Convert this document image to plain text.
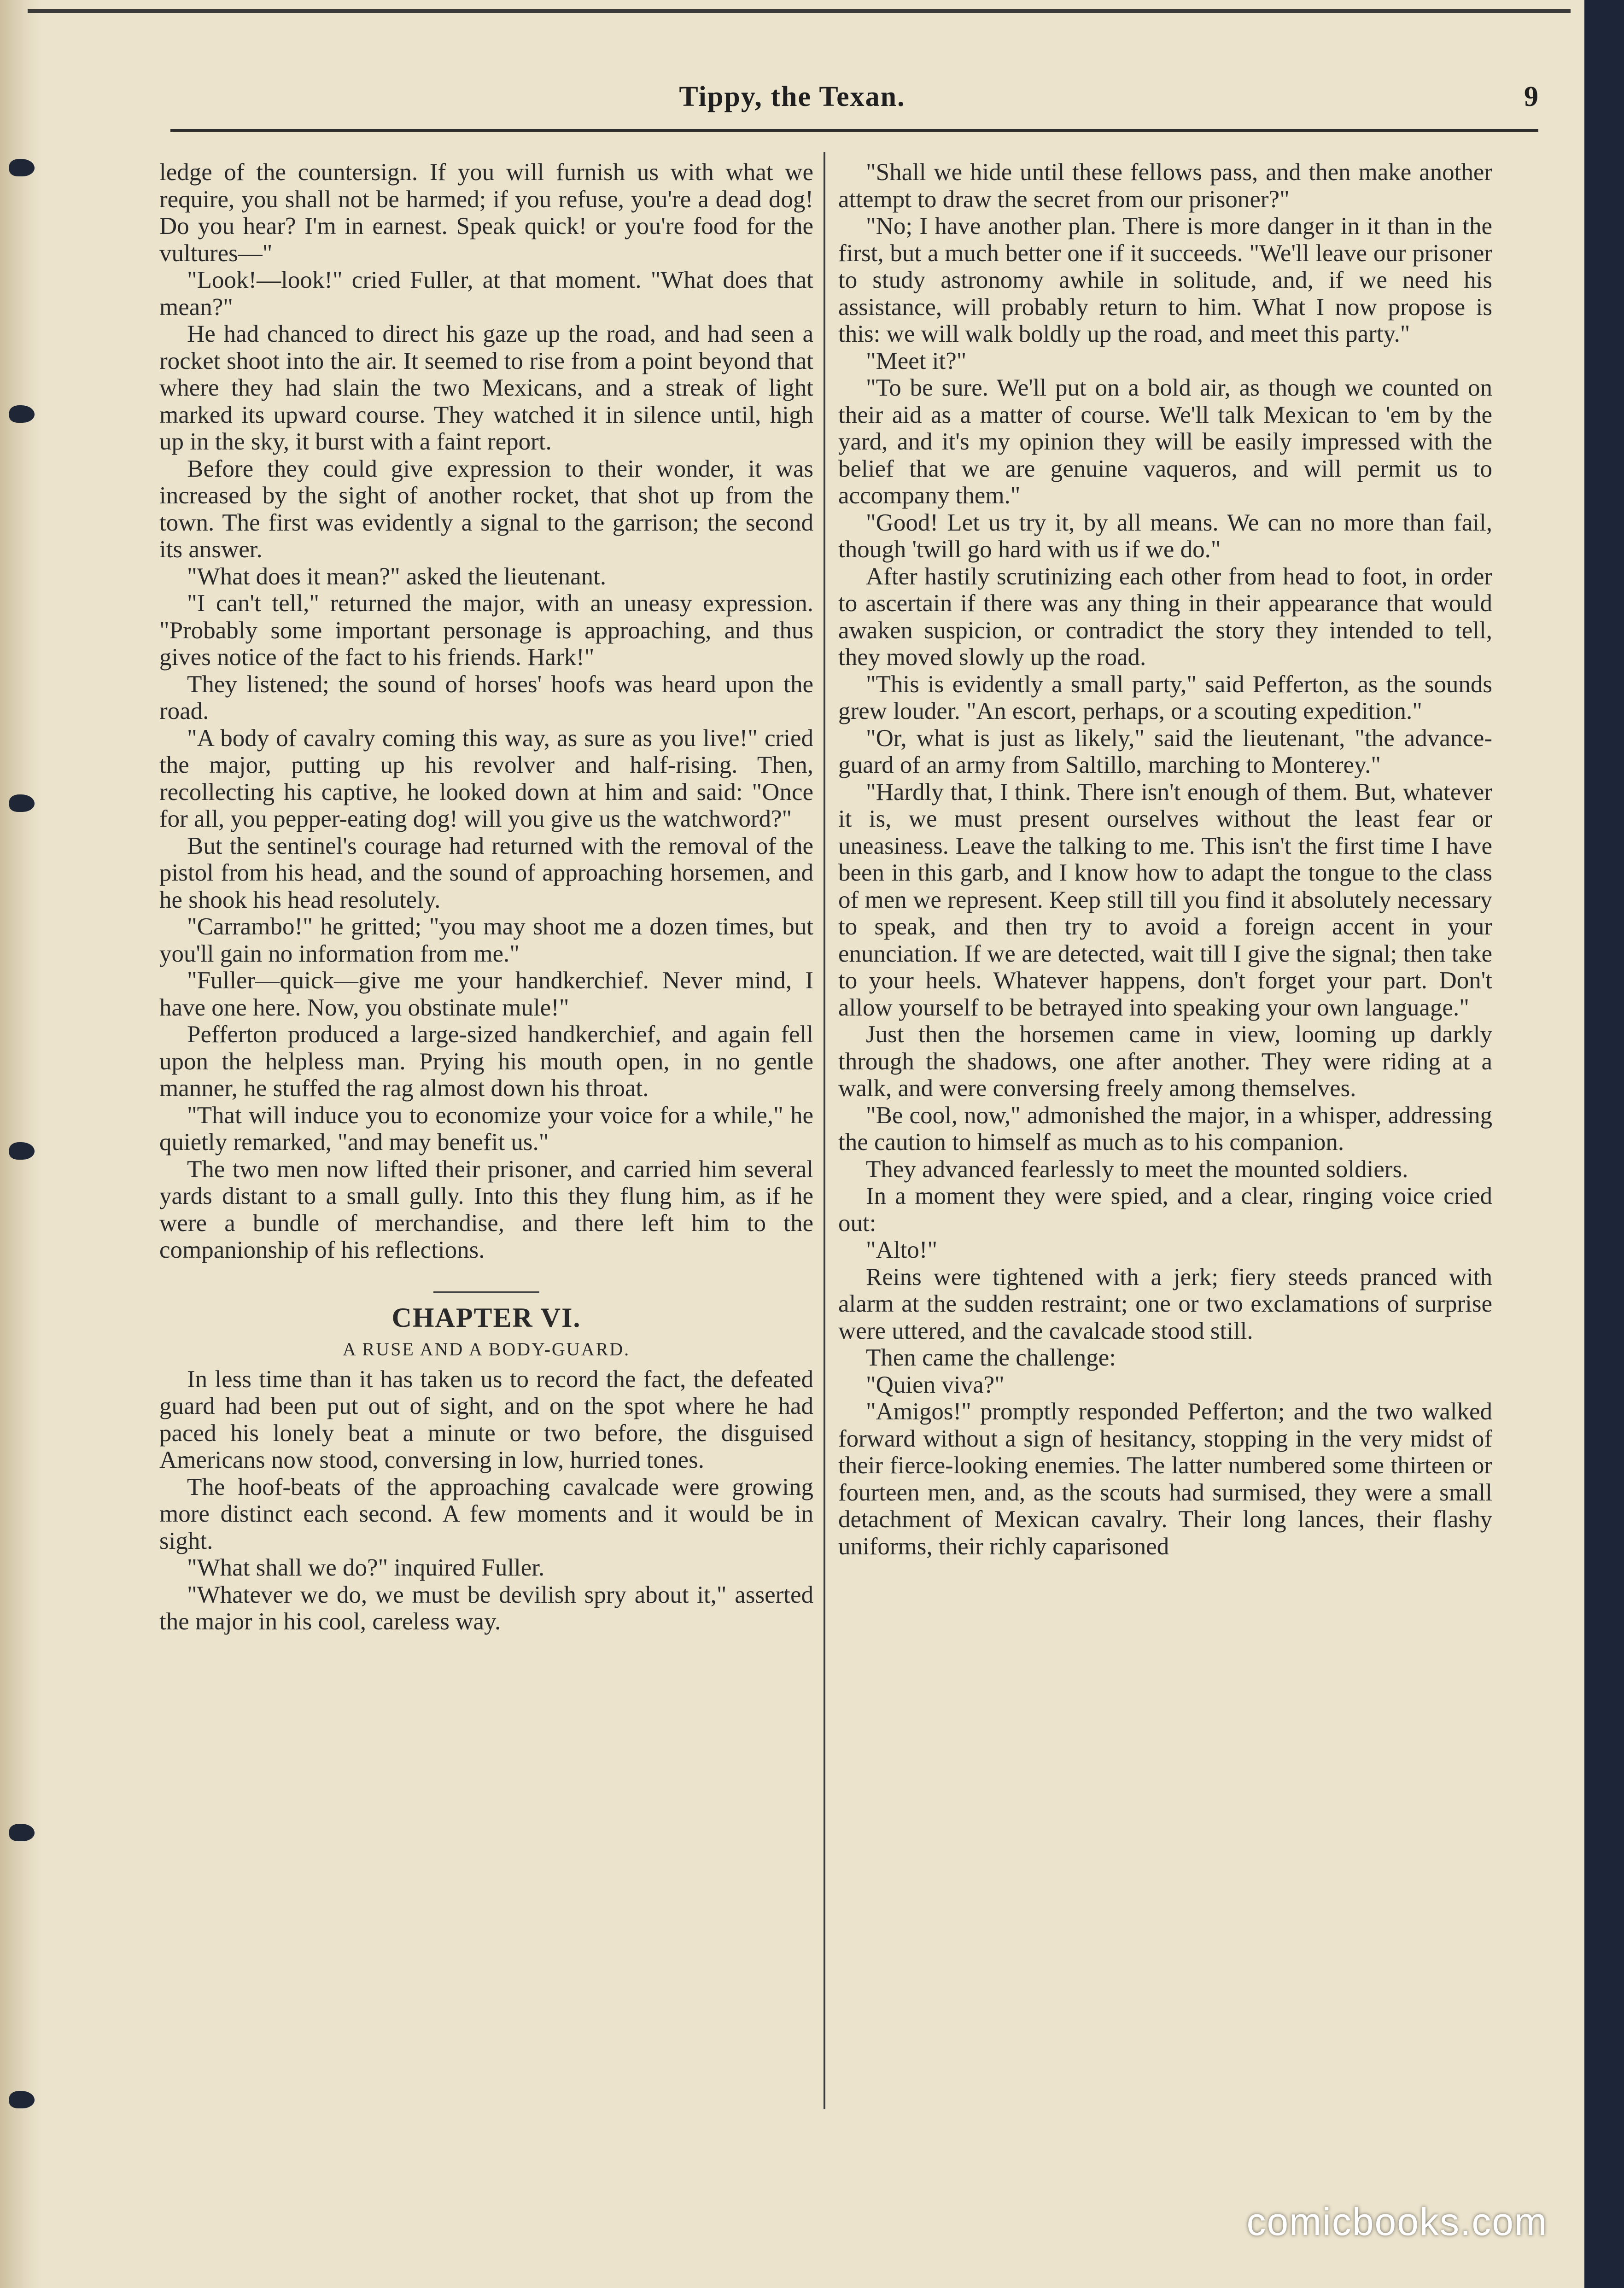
Tippy, the Texan.	9

ledge of the countersign. If you will furnish us with what we require, you shall not be harmed; if you refuse, you're a dead dog! Do you hear? I'm in earnest. Speak quick! or you're food for the vultures—"

"Look!—look!" cried Fuller, at that moment. "What does that mean?"

He had chanced to direct his gaze up the road, and had seen a rocket shoot into the air. It seemed to rise from a point beyond that where they had slain the two Mexicans, and a streak of light marked its upward course. They watched it in silence until, high up in the sky, it burst with a faint report.

Before they could give expression to their wonder, it was increased by the sight of another rocket, that shot up from the town. The first was evidently a signal to the garrison; the second its answer.

"What does it mean?" asked the lieutenant.

"I can't tell," returned the major, with an uneasy expression. "Probably some important personage is approaching, and thus gives notice of the fact to his friends. Hark!"

They listened; the sound of horses' hoofs was heard upon the road.

"A body of cavalry coming this way, as sure as you live!" cried the major, putting up his revolver and half-rising. Then, recollecting his captive, he looked down at him and said: "Once for all, you pepper-eating dog! will you give us the watchword?"

But the sentinel's courage had returned with the removal of the pistol from his head, and the sound of approaching horsemen, and he shook his head resolutely.

"Carrambo!" he gritted; "you may shoot me a dozen times, but you'll gain no information from me."

"Fuller—quick—give me your handkerchief. Never mind, I have one here. Now, you obstinate mule!"

Pefferton produced a large-sized handkerchief, and again fell upon the helpless man. Prying his mouth open, in no gentle manner, he stuffed the rag almost down his throat.

"That will induce you to economize your voice for a while," he quietly remarked, "and may benefit us."

The two men now lifted their prisoner, and carried him several yards distant to a small gully. Into this they flung him, as if he were a bundle of merchandise, and there left him to the companionship of his reflections.

CHAPTER VI.
A RUSE AND A BODY-GUARD.

In less time than it has taken us to record the fact, the defeated guard had been put out of sight, and on the spot where he had paced his lonely beat a minute or two before, the disguised Americans now stood, conversing in low, hurried tones.

The hoof-beats of the approaching cavalcade were growing more distinct each second. A few moments and it would be in sight.

"What shall we do?" inquired Fuller.

"Whatever we do, we must be devilish spry about it," asserted the major in his cool, careless way.

"Shall we hide until these fellows pass, and then make another attempt to draw the secret from our prisoner?"

"No; I have another plan. There is more danger in it than in the first, but a much better one if it succeeds. "We'll leave our prisoner to study astronomy awhile in solitude, and, if we need his assistance, will probably return to him. What I now propose is this: we will walk boldly up the road, and meet this party."

"Meet it?"

"To be sure. We'll put on a bold air, as though we counted on their aid as a matter of course. We'll talk Mexican to 'em by the yard, and it's my opinion they will be easily impressed with the belief that we are genuine vaqueros, and will permit us to accompany them."

"Good! Let us try it, by all means. We can no more than fail, though 'twill go hard with us if we do."

After hastily scrutinizing each other from head to foot, in order to ascertain if there was any thing in their appearance that would awaken suspicion, or contradict the story they intended to tell, they moved slowly up the road.

"This is evidently a small party," said Pefferton, as the sounds grew louder. "An escort, perhaps, or a scouting expedition."

"Or, what is just as likely," said the lieutenant, "the advance-guard of an army from Saltillo, marching to Monterey."

"Hardly that, I think. There isn't enough of them. But, whatever it is, we must present ourselves without the least fear or uneasiness. Leave the talking to me. This isn't the first time I have been in this garb, and I know how to adapt the tongue to the class of men we represent. Keep still till you find it absolutely necessary to speak, and then try to avoid a foreign accent in your enunciation. If we are detected, wait till I give the signal; then take to your heels. Whatever happens, don't forget your part. Don't allow yourself to be betrayed into speaking your own language."

Just then the horsemen came in view, looming up darkly through the shadows, one after another. They were riding at a walk, and were conversing freely among themselves.

"Be cool, now," admonished the major, in a whisper, addressing the caution to himself as much as to his companion.

They advanced fearlessly to meet the mounted soldiers.

In a moment they were spied, and a clear, ringing voice cried out:

"Alto!"

Reins were tightened with a jerk; fiery steeds pranced with alarm at the sudden restraint; one or two exclamations of surprise were uttered, and the cavalcade stood still.

Then came the challenge:

"Quien viva?"

"Amigos!" promptly responded Pefferton; and the two walked forward without a sign of hesitancy, stopping in the very midst of their fierce-looking enemies. The latter numbered some thirteen or fourteen men, and, as the scouts had surmised, they were a small detachment of Mexican cavalry. Their long lances, their flashy uniforms, their richly caparisoned

comicbooks.com
